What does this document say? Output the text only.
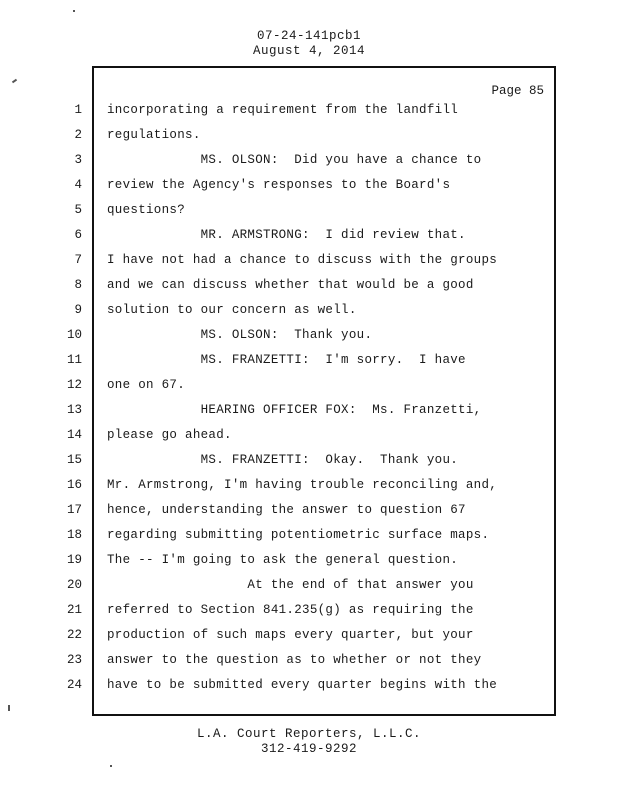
07-24-141pcb1
August 4, 2014
Page 85
1	incorporating a requirement from the landfill
2	regulations.
3	MS. OLSON:  Did you have a chance to
4	review the Agency's responses to the Board's
5	questions?
6	MR. ARMSTRONG:  I did review that.
7	I have not had a chance to discuss with the groups
8	and we can discuss whether that would be a good
9	solution to our concern as well.
10	MS. OLSON:  Thank you.
11	MS. FRANZETTI:  I'm sorry.  I have
12	one on 67.
13	HEARING OFFICER FOX:  Ms. Franzetti,
14	please go ahead.
15	MS. FRANZETTI:  Okay.  Thank you.
16	Mr. Armstrong, I'm having trouble reconciling and,
17	hence, understanding the answer to question 67
18	regarding submitting potentiometric surface maps.
19	The -- I'm going to ask the general question.
20	At the end of that answer you
21	referred to Section 841.235(g) as requiring the
22	production of such maps every quarter, but your
23	answer to the question as to whether or not they
24	have to be submitted every quarter begins with the
L.A. Court Reporters, L.L.C.
312-419-9292
